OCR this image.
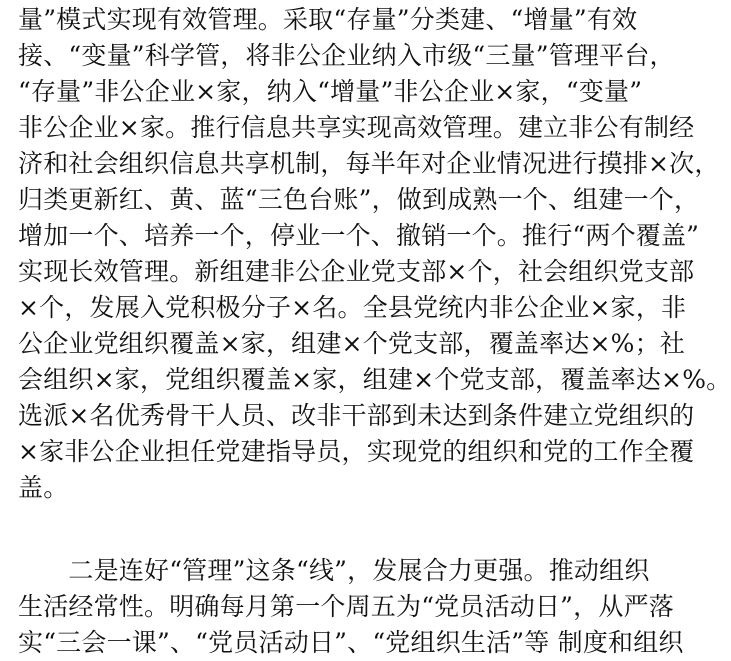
量”模式实现有效管理。采取“存量”分类建、“增量”有效
接、“变量”科学管，将非公企业纳入市级“三量”管理平台，
“存量”非公企业×家，纳入“增量”非公企业×家，“变量”
非公企业×家。推行信息共享实现高效管理。建立非公有制经
济和社会组织信息共享机制，每半年对企业情况进行摸排×次，
归类更新红、黄、蓝“三色台账”，做到成熟一个、组建一个，
增加一个、培养一个，停业一个、撤销一个。推行“两个覆盖”
实现长效管理。新组建非公企业党支部×个，社会组织党支部
×个，发展入党积极分子×名。全县党统内非公企业×家，非
公企业党组织覆盖×家，组建×个党支部，覆盖率达×%；社
会组织×家，党组织覆盖×家，组建×个党支部，覆盖率达×%。
选派×名优秀骨干人员、改非干部到未达到条件建立党组织的
×家非公企业担任党建指导员，实现党的组织和党的工作全覆
盖。
　　二是连好“管理”这条“线”，发展合力更强。推动组织
生活经常性。明确每月第一个周五为“党员活动日”，从严落
实“三会一课”、“党员活动日”、“党组织生活”等 制度和组织
